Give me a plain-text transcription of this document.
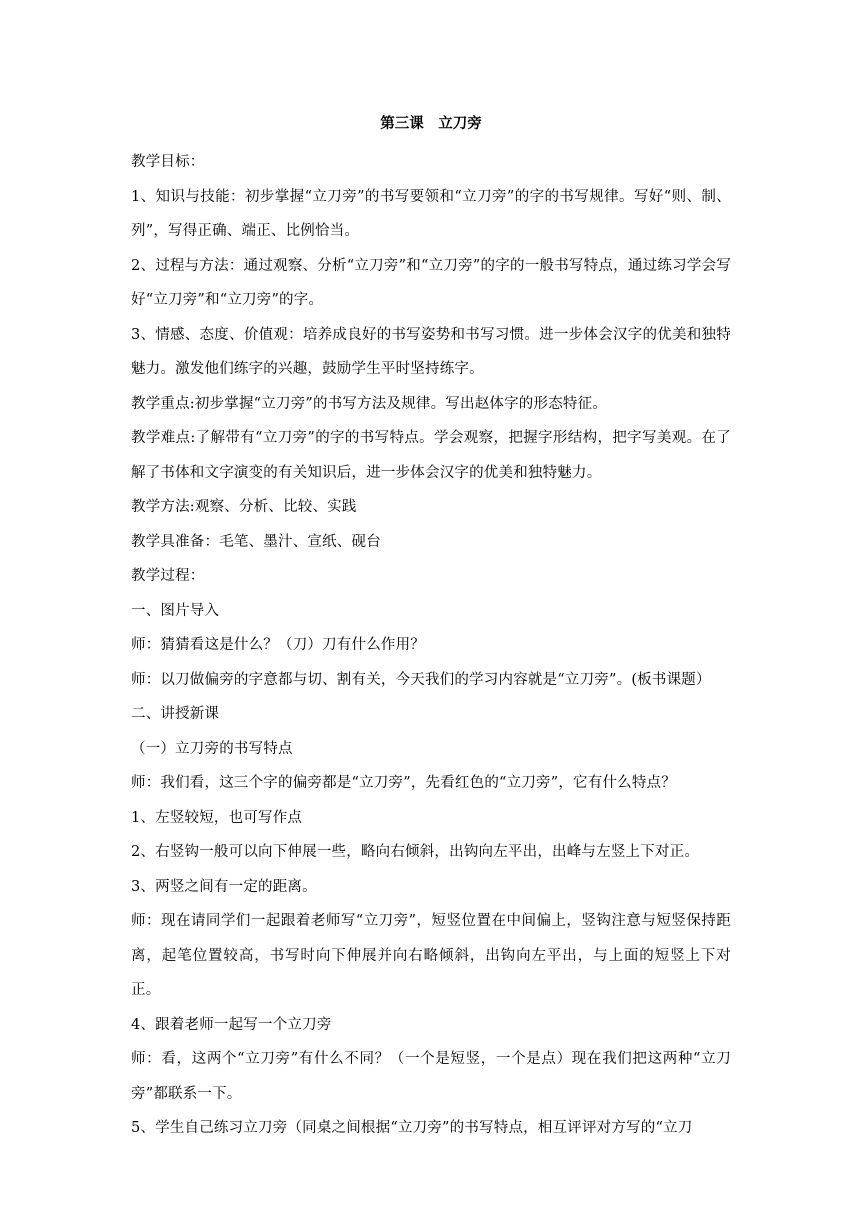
第三课　立刀旁

教学目标：

1、知识与技能：初步掌握“立刀旁”的书写要领和“立刀旁”的字的书写规律。写好“则、制、列”，写得正确、端正、比例恰当。

2、过程与方法：通过观察、分析“立刀旁”和“立刀旁”的字的一般书写特点，通过练习学会写好“立刀旁”和“立刀旁”的字。

3、情感、态度、价值观：培养成良好的书写姿势和书写习惯。进一步体会汉字的优美和独特魅力。激发他们练字的兴趣，鼓励学生平时坚持练字。

教学重点:初步掌握“立刀旁”的书写方法及规律。写出赵体字的形态特征。

教学难点:了解带有“立刀旁”的字的书写特点。学会观察，把握字形结构，把字写美观。在了解了书体和文字演变的有关知识后，进一步体会汉字的优美和独特魅力。

教学方法:观察、分析、比较、实践

教学具准备：毛笔、墨汁、宣纸、砚台

教学过程：

一、图片导入

师：猜猜看这是什么？（刀）刀有什么作用？

师：以刀做偏旁的字意都与切、割有关，今天我们的学习内容就是“立刀旁”。(板书课题）

二、讲授新课

（一）立刀旁的书写特点

师：我们看，这三个字的偏旁都是“立刀旁”，先看红色的“立刀旁”，它有什么特点？

1、左竖较短，也可写作点

2、右竖钩一般可以向下伸展一些，略向右倾斜，出钩向左平出，出峰与左竖上下对正。

3、两竖之间有一定的距离。

师：现在请同学们一起跟着老师写“立刀旁”，短竖位置在中间偏上，竖钩注意与短竖保持距离，起笔位置较高，书写时向下伸展并向右略倾斜，出钩向左平出，与上面的短竖上下对正。

4、跟着老师一起写一个立刀旁

师：看，这两个“立刀旁”有什么不同？（一个是短竖，一个是点）现在我们把这两种“立刀旁”都联系一下。

5、学生自己练习立刀旁（同桌之间根据“立刀旁”的书写特点，相互评评对方写的“立刀
